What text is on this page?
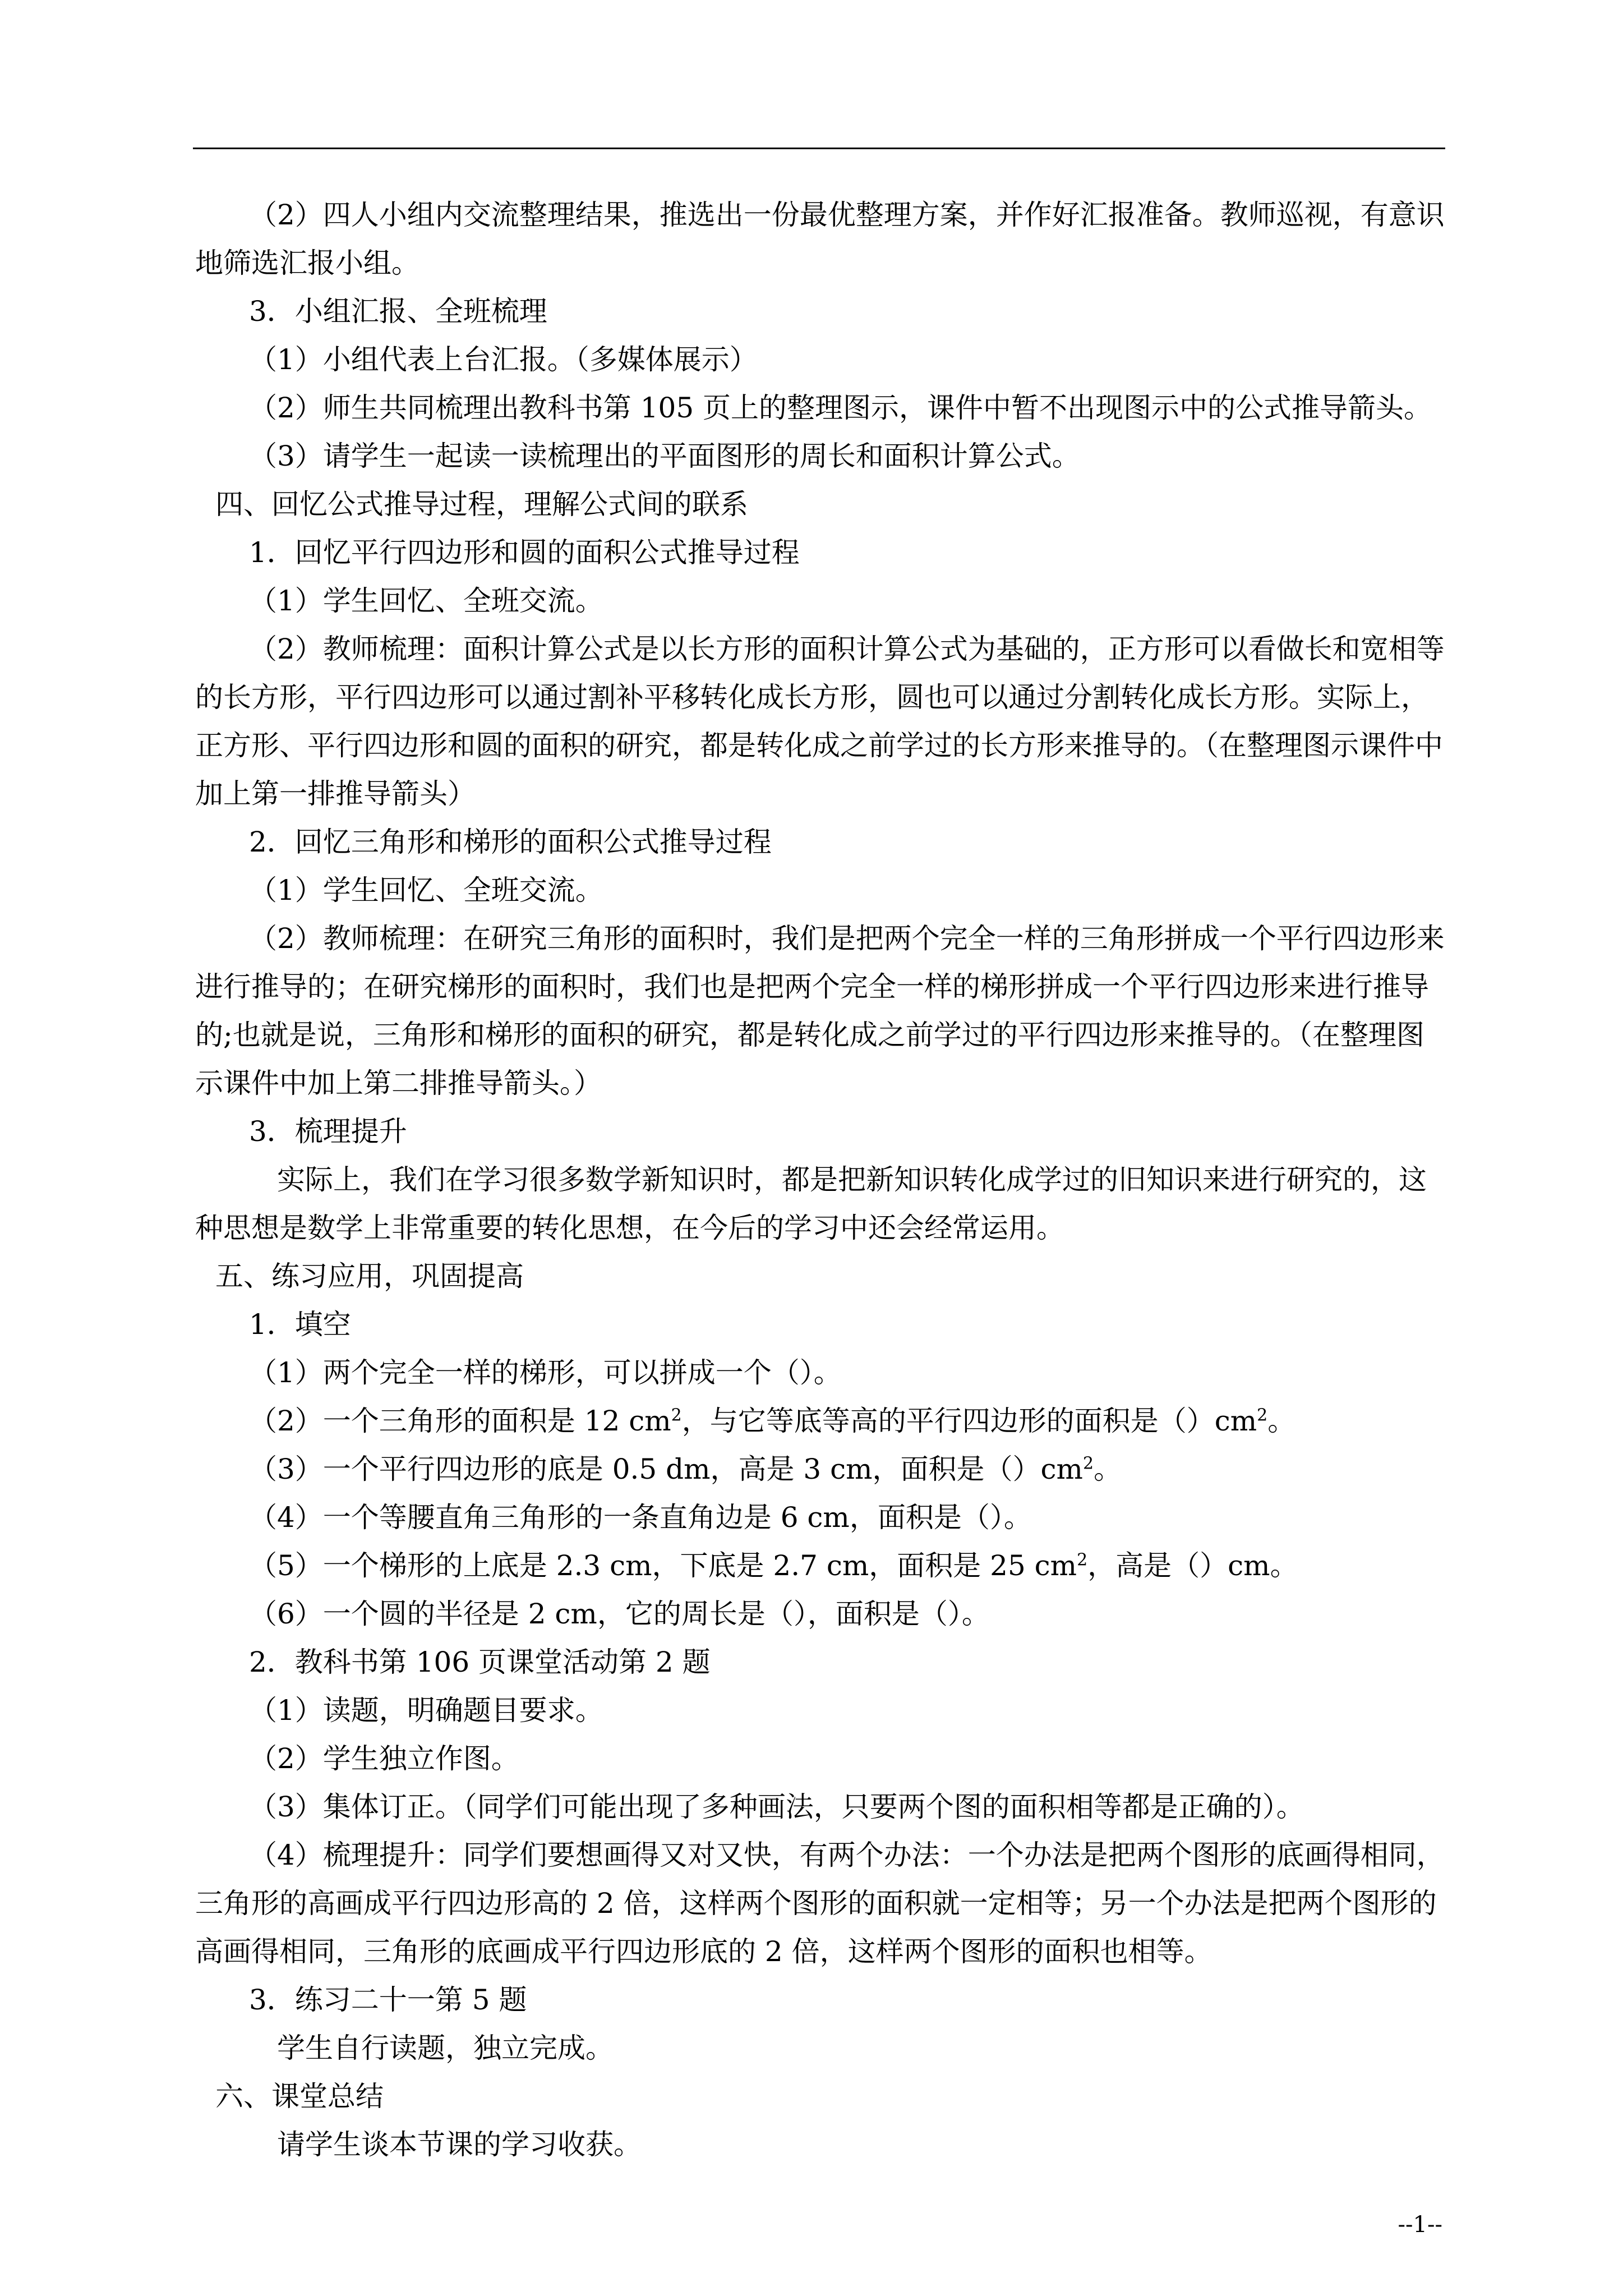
（2）四人小组内交流整理结果，推选出一份最优整理方案，并作好汇报准备。教师巡视，有意识地筛选汇报小组。

3．小组汇报、全班梳理

（1）小组代表上台汇报。（多媒体展示）

（2）师生共同梳理出教科书第 105 页上的整理图示，课件中暂不出现图示中的公式推导箭头。

（3）请学生一起读一读梳理出的平面图形的周长和面积计算公式。

四、回忆公式推导过程，理解公式间的联系

1．回忆平行四边形和圆的面积公式推导过程

（1）学生回忆、全班交流。

（2）教师梳理：面积计算公式是以长方形的面积计算公式为基础的，正方形可以看做长和宽相等的长方形，平行四边形可以通过割补平移转化成长方形，圆也可以通过分割转化成长方形。实际上，正方形、平行四边形和圆的面积的研究，都是转化成之前学过的长方形来推导的。（在整理图示课件中加上第一排推导箭头）

2．回忆三角形和梯形的面积公式推导过程

（1）学生回忆、全班交流。

（2）教师梳理：在研究三角形的面积时，我们是把两个完全一样的三角形拼成一个平行四边形来进行推导的；在研究梯形的面积时，我们也是把两个完全一样的梯形拼成一个平行四边形来进行推导的;也就是说，三角形和梯形的面积的研究，都是转化成之前学过的平行四边形来推导的。（在整理图示课件中加上第二排推导箭头。）

3．梳理提升

实际上，我们在学习很多数学新知识时，都是把新知识转化成学过的旧知识来进行研究的，这种思想是数学上非常重要的转化思想，在今后的学习中还会经常运用。

五、练习应用，巩固提高

1．填空

（1）两个完全一样的梯形，可以拼成一个（）。

（2）一个三角形的面积是 12 $cm^2$，与它等底等高的平行四边形的面积是$()cm^2$。

（3）一个平行四边形的底是 0.5 dm，高是 3 cm，面积是$()cm^2$。

（4）一个等腰直角三角形的一条直角边是 6 cm，面积是（）。

（5）一个梯形的上底是 2.3 cm，下底是 2.7 cm，面积是 25 $cm^2$，高是（）cm。

（6）一个圆的半径是 2 cm，它的周长是（），面积是（）。

2．教科书第 106 页课堂活动第 2 题

（1）读题，明确题目要求。

（2）学生独立作图。

（3）集体订正。（同学们可能出现了多种画法，只要两个图的面积相等都是正确的）。

（4）梳理提升：同学们要想画得又对又快，有两个办法：一个办法是把两个图形的底画得相同，三角形的高画成平行四边形高的 2 倍，这样两个图形的面积就一定相等；另一个办法是把两个图形的高画得相同，三角形的底画成平行四边形底的 2 倍，这样两个图形的面积也相等。

3．练习二十一第 5 题

学生自行读题，独立完成。

六、课堂总结

请学生谈本节课的学习收获。

--1--
